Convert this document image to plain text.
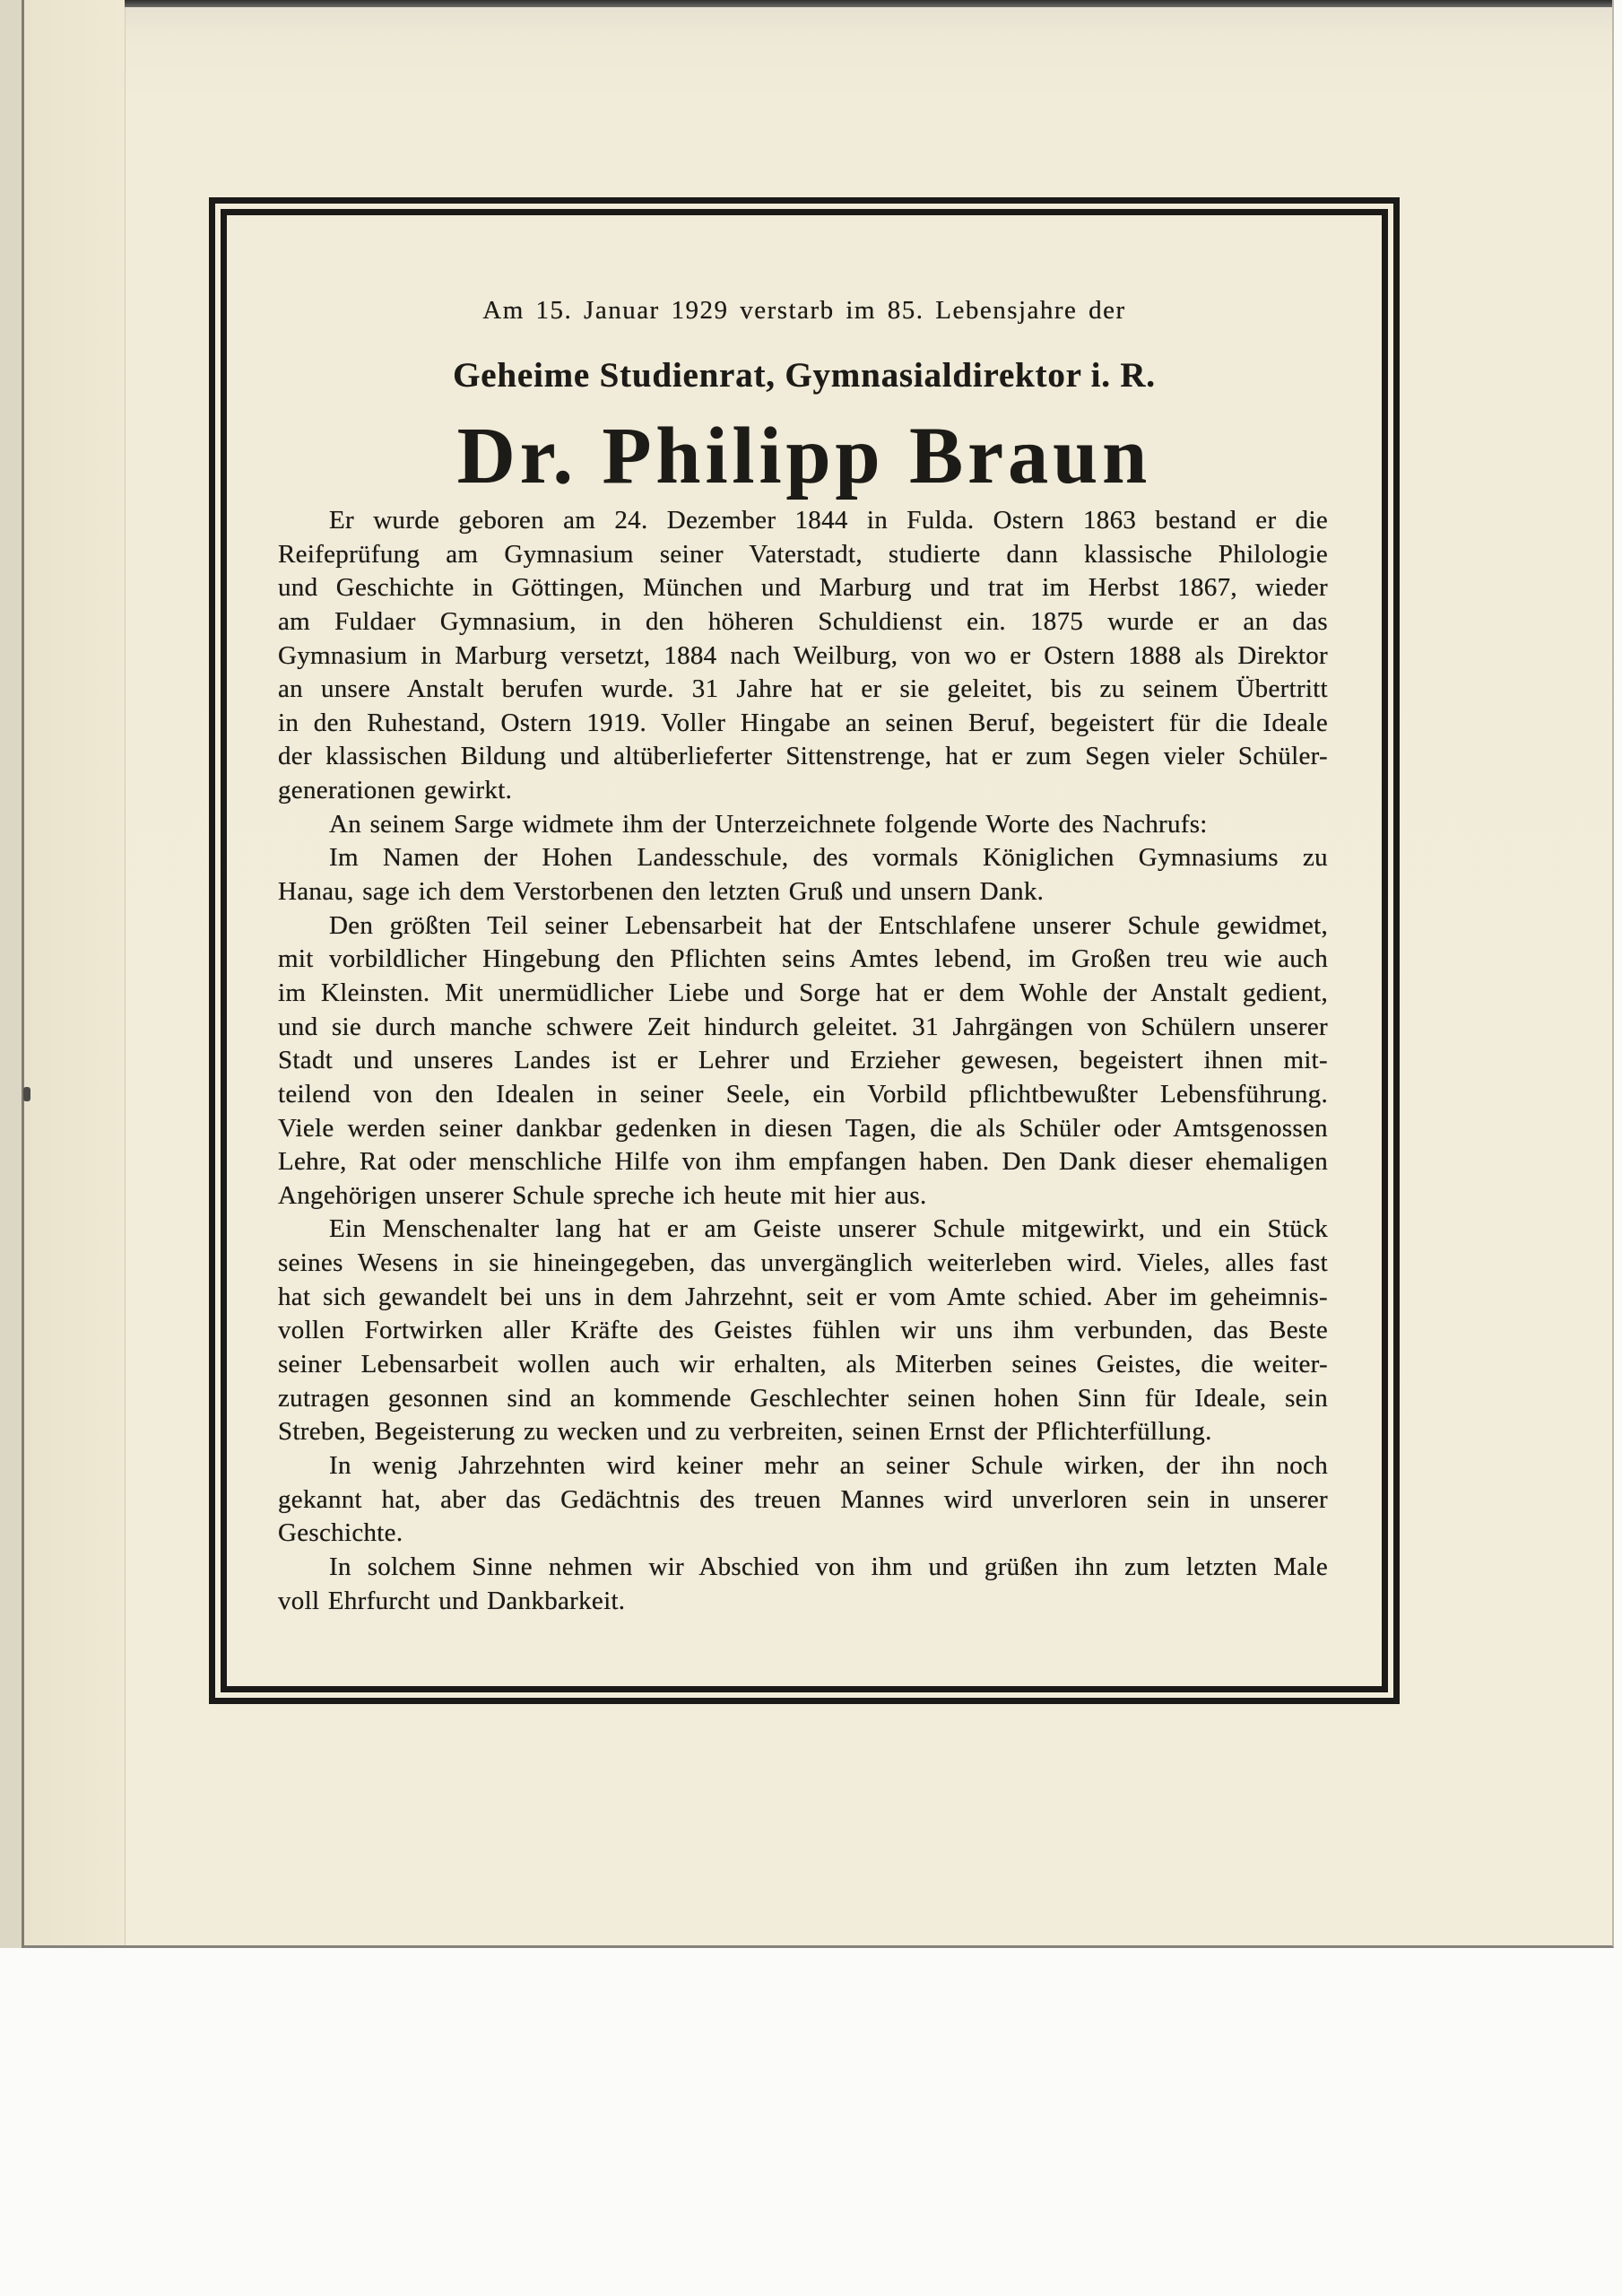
Am 15. Januar 1929 verstarb im 85. Lebensjahre der
Geheime Studienrat, Gymnasialdirektor i. R.
Dr. Philipp Braun
Er wurde geboren am 24. Dezember 1844 in Fulda. Ostern 1863 bestand er die
Reifeprüfung am Gymnasium seiner Vaterstadt, studierte dann klassische Philologie
und Geschichte in Göttingen, München und Marburg und trat im Herbst 1867, wieder
am Fuldaer Gymnasium, in den höheren Schuldienst ein. 1875 wurde er an das
Gymnasium in Marburg versetzt, 1884 nach Weilburg, von wo er Ostern 1888 als Direktor
an unsere Anstalt berufen wurde. 31 Jahre hat er sie geleitet, bis zu seinem Übertritt
in den Ruhestand, Ostern 1919. Voller Hingabe an seinen Beruf, begeistert für die Ideale
der klassischen Bildung und altüberlieferter Sittenstrenge, hat er zum Segen vieler Schüler-
generationen gewirkt.
An seinem Sarge widmete ihm der Unterzeichnete folgende Worte des Nachrufs:
Im Namen der Hohen Landesschule, des vormals Königlichen Gymnasiums zu
Hanau, sage ich dem Verstorbenen den letzten Gruß und unsern Dank.
Den größten Teil seiner Lebensarbeit hat der Entschlafene unserer Schule gewidmet,
mit vorbildlicher Hingebung den Pflichten seins Amtes lebend, im Großen treu wie auch
im Kleinsten. Mit unermüdlicher Liebe und Sorge hat er dem Wohle der Anstalt gedient,
und sie durch manche schwere Zeit hindurch geleitet. 31 Jahrgängen von Schülern unserer
Stadt und unseres Landes ist er Lehrer und Erzieher gewesen, begeistert ihnen mit-
teilend von den Idealen in seiner Seele, ein Vorbild pflichtbewußter Lebensführung.
Viele werden seiner dankbar gedenken in diesen Tagen, die als Schüler oder Amtsgenossen
Lehre, Rat oder menschliche Hilfe von ihm empfangen haben. Den Dank dieser ehemaligen
Angehörigen unserer Schule spreche ich heute mit hier aus.
Ein Menschenalter lang hat er am Geiste unserer Schule mitgewirkt, und ein Stück
seines Wesens in sie hineingegeben, das unvergänglich weiterleben wird. Vieles, alles fast
hat sich gewandelt bei uns in dem Jahrzehnt, seit er vom Amte schied. Aber im geheimnis-
vollen Fortwirken aller Kräfte des Geistes fühlen wir uns ihm verbunden, das Beste
seiner Lebensarbeit wollen auch wir erhalten, als Miterben seines Geistes, die weiter-
zutragen gesonnen sind an kommende Geschlechter seinen hohen Sinn für Ideale, sein
Streben, Begeisterung zu wecken und zu verbreiten, seinen Ernst der Pflichterfüllung.
In wenig Jahrzehnten wird keiner mehr an seiner Schule wirken, der ihn noch
gekannt hat, aber das Gedächtnis des treuen Mannes wird unverloren sein in unserer
Geschichte.
In solchem Sinne nehmen wir Abschied von ihm und grüßen ihn zum letzten Male
voll Ehrfurcht und Dankbarkeit.
